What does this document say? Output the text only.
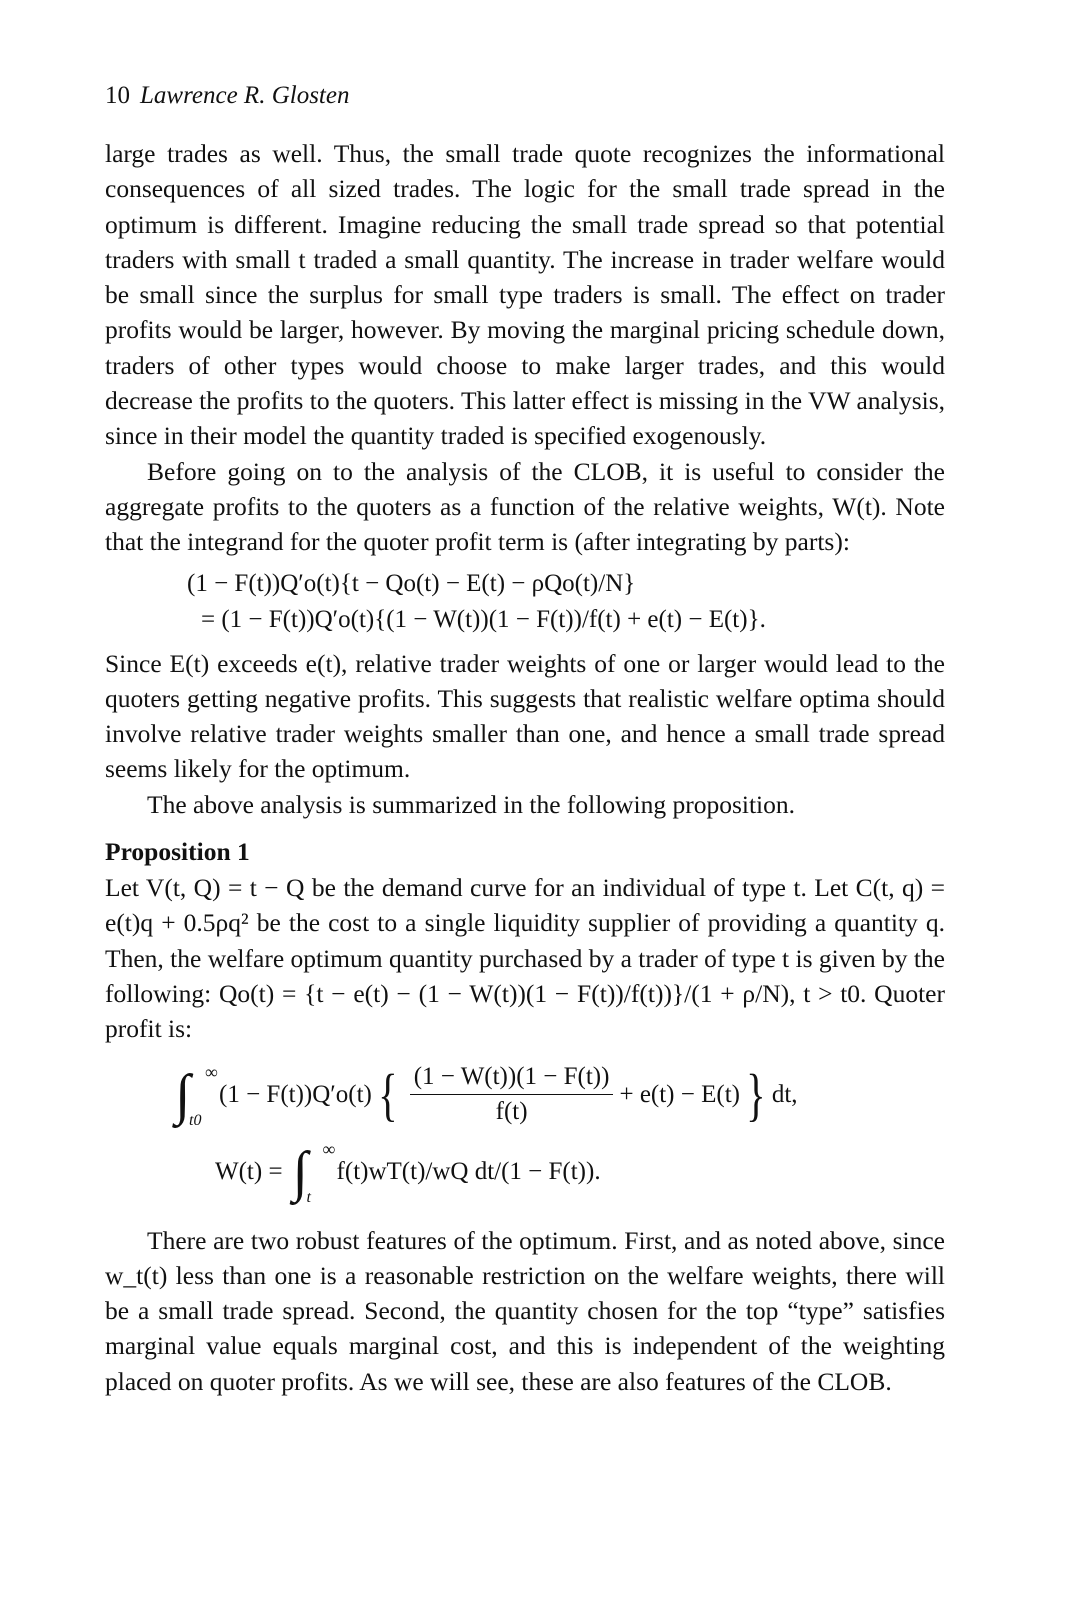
10 Lawrence R. Glosten

large trades as well. Thus, the small trade quote recognizes the informational consequences of all sized trades. The logic for the small trade spread in the optimum is different. Imagine reducing the small trade spread so that potential traders with small t traded a small quantity. The increase in trader welfare would be small since the surplus for small type traders is small. The effect on trader profits would be larger, however. By moving the marginal pricing schedule down, traders of other types would choose to make larger trades, and this would decrease the profits to the quoters. This latter effect is missing in the VW analysis, since in their model the quantity traded is specified exogenously.

Before going on to the analysis of the CLOB, it is useful to consider the aggregate profits to the quoters as a function of the relative weights, W(t). Note that the integrand for the quoter profit term is (after integrating by parts):

(1 − F(t))Q′o(t){t − Qo(t) − E(t) − ρQo(t)/N}
= (1 − F(t))Q′o(t){(1 − W(t))(1 − F(t))/f(t) + e(t) − E(t)}.

Since E(t) exceeds e(t), relative trader weights of one or larger would lead to the quoters getting negative profits. This suggests that realistic welfare optima should involve relative trader weights smaller than one, and hence a small trade spread seems likely for the optimum.

The above analysis is summarized in the following proposition.

Proposition 1

Let V(t, Q) = t − Q be the demand curve for an individual of type t. Let C(t, q) = e(t)q + 0.5ρq² be the cost to a single liquidity supplier of providing a quantity q. Then, the welfare optimum quantity purchased by a trader of type t is given by the following: Qo(t) = {t − e(t) − (1 − W(t))(1 − F(t))/f(t))}/(1 + ρ/N), t > t0. Quoter profit is:

∫ ∞
t0
(1 − F(t))Q′o(t) { $\frac{(1 - W(t))(1 - F(t))}{f(t)} + e(t) - E(t)$ } dt,
W(t) = ∫ ∞
t
f(t)wT(t)/wQ dt/(1 − F(t)).

There are two robust features of the optimum. First, and as noted above, since w_t(t) less than one is a reasonable restriction on the welfare weights, there will be a small trade spread. Second, the quantity chosen for the top “type” satisfies marginal value equals marginal cost, and this is independent of the weighting placed on quoter profits. As we will see, these are also features of the CLOB.
